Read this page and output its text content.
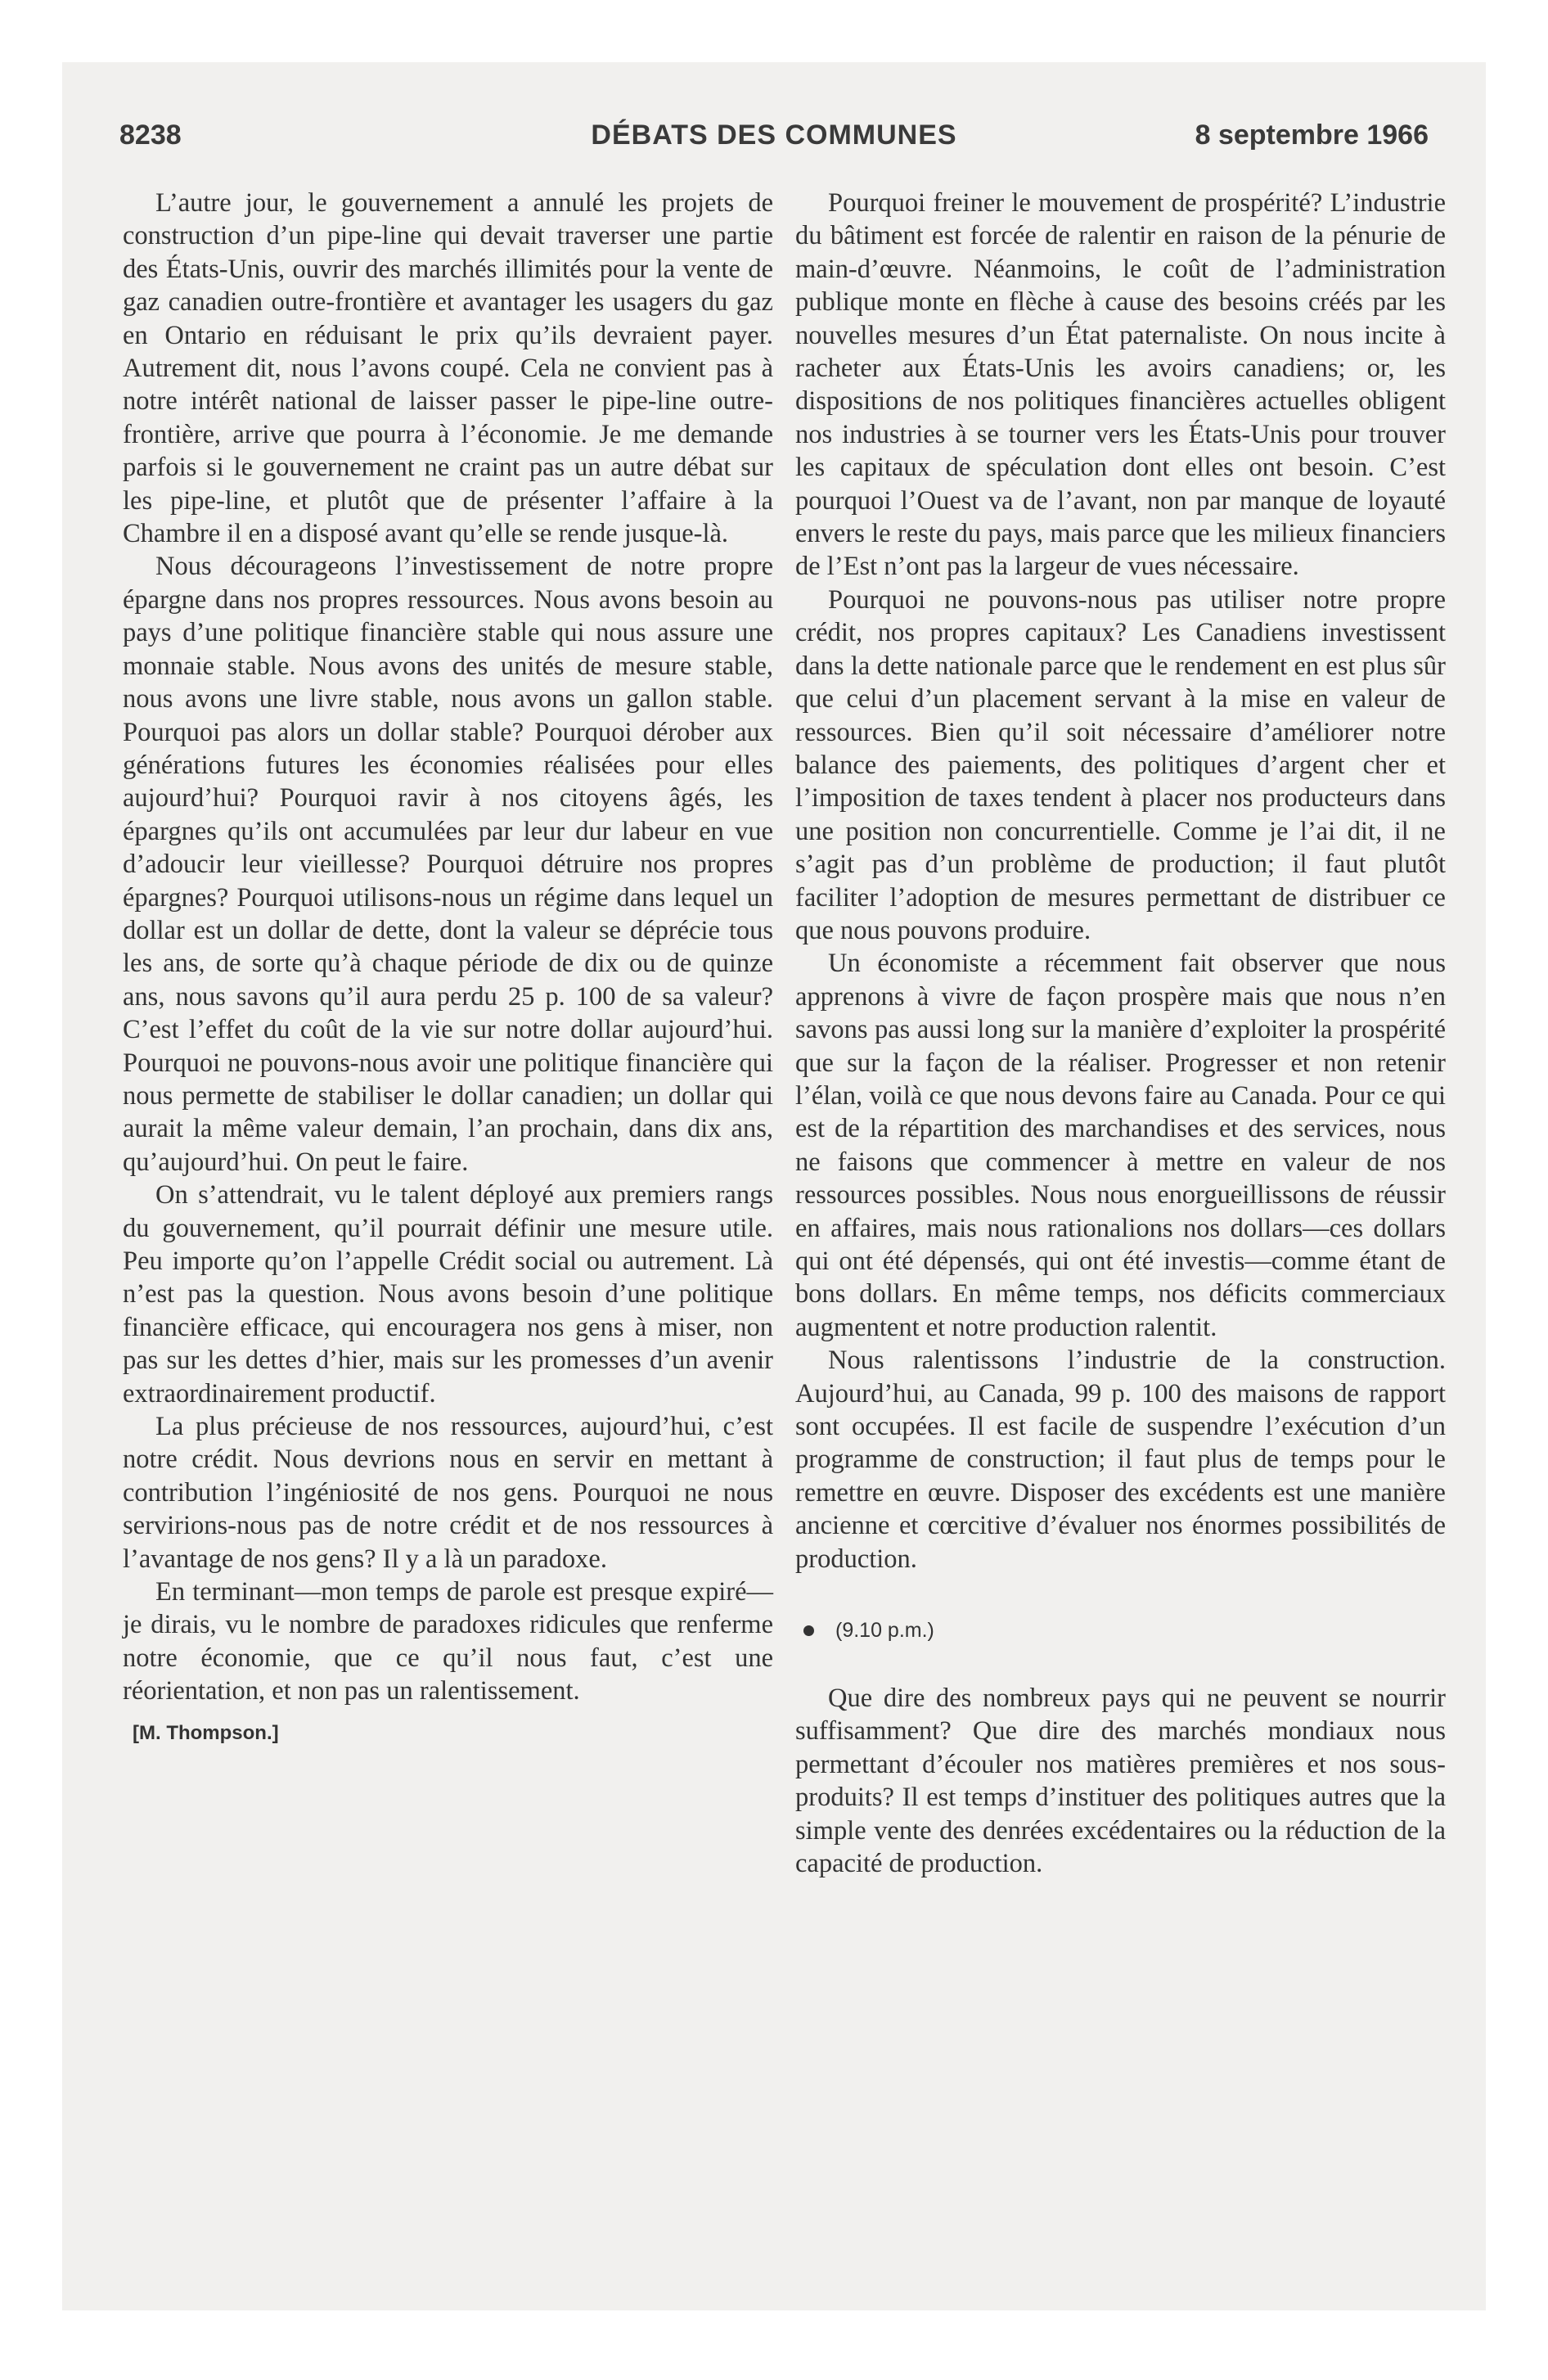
8238	DÉBATS DES COMMUNES	8 septembre 1966

L’autre jour, le gouvernement a annulé les projets de construction d’un pipe-line qui devait traverser une partie des États-Unis, ouvrir des marchés illimités pour la vente de gaz canadien outre-frontière et avantager les usagers du gaz en Ontario en réduisant le prix qu’ils devraient payer. Autrement dit, nous l’avons coupé. Cela ne convient pas à notre intérêt national de laisser passer le pipe-line outre-frontière, arrive que pourra à l’économie. Je me demande parfois si le gouvernement ne craint pas un autre débat sur les pipe-line, et plutôt que de présenter l’affaire à la Chambre il en a disposé avant qu’elle se rende jusque-là.

Nous décourageons l’investissement de notre propre épargne dans nos propres ressources. Nous avons besoin au pays d’une politique financière stable qui nous assure une monnaie stable. Nous avons des unités de mesure stable, nous avons une livre stable, nous avons un gallon stable. Pourquoi pas alors un dollar stable? Pourquoi dérober aux générations futures les économies réalisées pour elles aujourd’hui? Pourquoi ravir à nos citoyens âgés, les épargnes qu’ils ont accumulées par leur dur labeur en vue d’adoucir leur vieillesse? Pourquoi détruire nos propres épargnes? Pourquoi utilisons-nous un régime dans lequel un dollar est un dollar de dette, dont la valeur se déprécie tous les ans, de sorte qu’à chaque période de dix ou de quinze ans, nous savons qu’il aura perdu 25 p. 100 de sa valeur? C’est l’effet du coût de la vie sur notre dollar aujourd’hui. Pourquoi ne pouvons-nous avoir une politique financière qui nous permette de stabiliser le dollar canadien; un dollar qui aurait la même valeur demain, l’an prochain, dans dix ans, qu’aujourd’hui. On peut le faire.

On s’attendrait, vu le talent déployé aux premiers rangs du gouvernement, qu’il pourrait définir une mesure utile. Peu importe qu’on l’appelle Crédit social ou autrement. Là n’est pas la question. Nous avons besoin d’une politique financière efficace, qui encouragera nos gens à miser, non pas sur les dettes d’hier, mais sur les promesses d’un avenir extraordinairement productif.

La plus précieuse de nos ressources, aujourd’hui, c’est notre crédit. Nous devrions nous en servir en mettant à contribution l’ingéniosité de nos gens. Pourquoi ne nous servirions-nous pas de notre crédit et de nos ressources à l’avantage de nos gens? Il y a là un paradoxe.

En terminant—mon temps de parole est presque expiré—je dirais, vu le nombre de paradoxes ridicules que renferme notre économie, que ce qu’il nous faut, c’est une réorientation, et non pas un ralentissement.

[M. Thompson.]

Pourquoi freiner le mouvement de prospérité? L’industrie du bâtiment est forcée de ralentir en raison de la pénurie de main-d’œuvre. Néanmoins, le coût de l’administration publique monte en flèche à cause des besoins créés par les nouvelles mesures d’un État paternaliste. On nous incite à racheter aux États-Unis les avoirs canadiens; or, les dispositions de nos politiques financières actuelles obligent nos industries à se tourner vers les États-Unis pour trouver les capitaux de spéculation dont elles ont besoin. C’est pourquoi l’Ouest va de l’avant, non par manque de loyauté envers le reste du pays, mais parce que les milieux financiers de l’Est n’ont pas la largeur de vues nécessaire.

Pourquoi ne pouvons-nous pas utiliser notre propre crédit, nos propres capitaux? Les Canadiens investissent dans la dette nationale parce que le rendement en est plus sûr que celui d’un placement servant à la mise en valeur de ressources. Bien qu’il soit nécessaire d’améliorer notre balance des paiements, des politiques d’argent cher et l’imposition de taxes tendent à placer nos producteurs dans une position non concurrentielle. Comme je l’ai dit, il ne s’agit pas d’un problème de production; il faut plutôt faciliter l’adoption de mesures permettant de distribuer ce que nous pouvons produire.

Un économiste a récemment fait observer que nous apprenons à vivre de façon prospère mais que nous n’en savons pas aussi long sur la manière d’exploiter la prospérité que sur la façon de la réaliser. Progresser et non retenir l’élan, voilà ce que nous devons faire au Canada. Pour ce qui est de la répartition des marchandises et des services, nous ne faisons que commencer à mettre en valeur de nos ressources possibles. Nous nous enorgueillissons de réussir en affaires, mais nous rationalions nos dollars—ces dollars qui ont été dépensés, qui ont été investis—comme étant de bons dollars. En même temps, nos déficits commerciaux augmentent et notre production ralentit.

Nous ralentissons l’industrie de la construction. Aujourd’hui, au Canada, 99 p. 100 des maisons de rapport sont occupées. Il est facile de suspendre l’exécution d’un programme de construction; il faut plus de temps pour le remettre en œuvre. Disposer des excédents est une manière ancienne et cœrcitive d’évaluer nos énormes possibilités de production.

(9.10 p.m.)

Que dire des nombreux pays qui ne peuvent se nourrir suffisamment? Que dire des marchés mondiaux nous permettant d’écouler nos matières premières et nos sous-produits? Il est temps d’instituer des politiques autres que la simple vente des denrées excédentaires ou la réduction de la capacité de production.
